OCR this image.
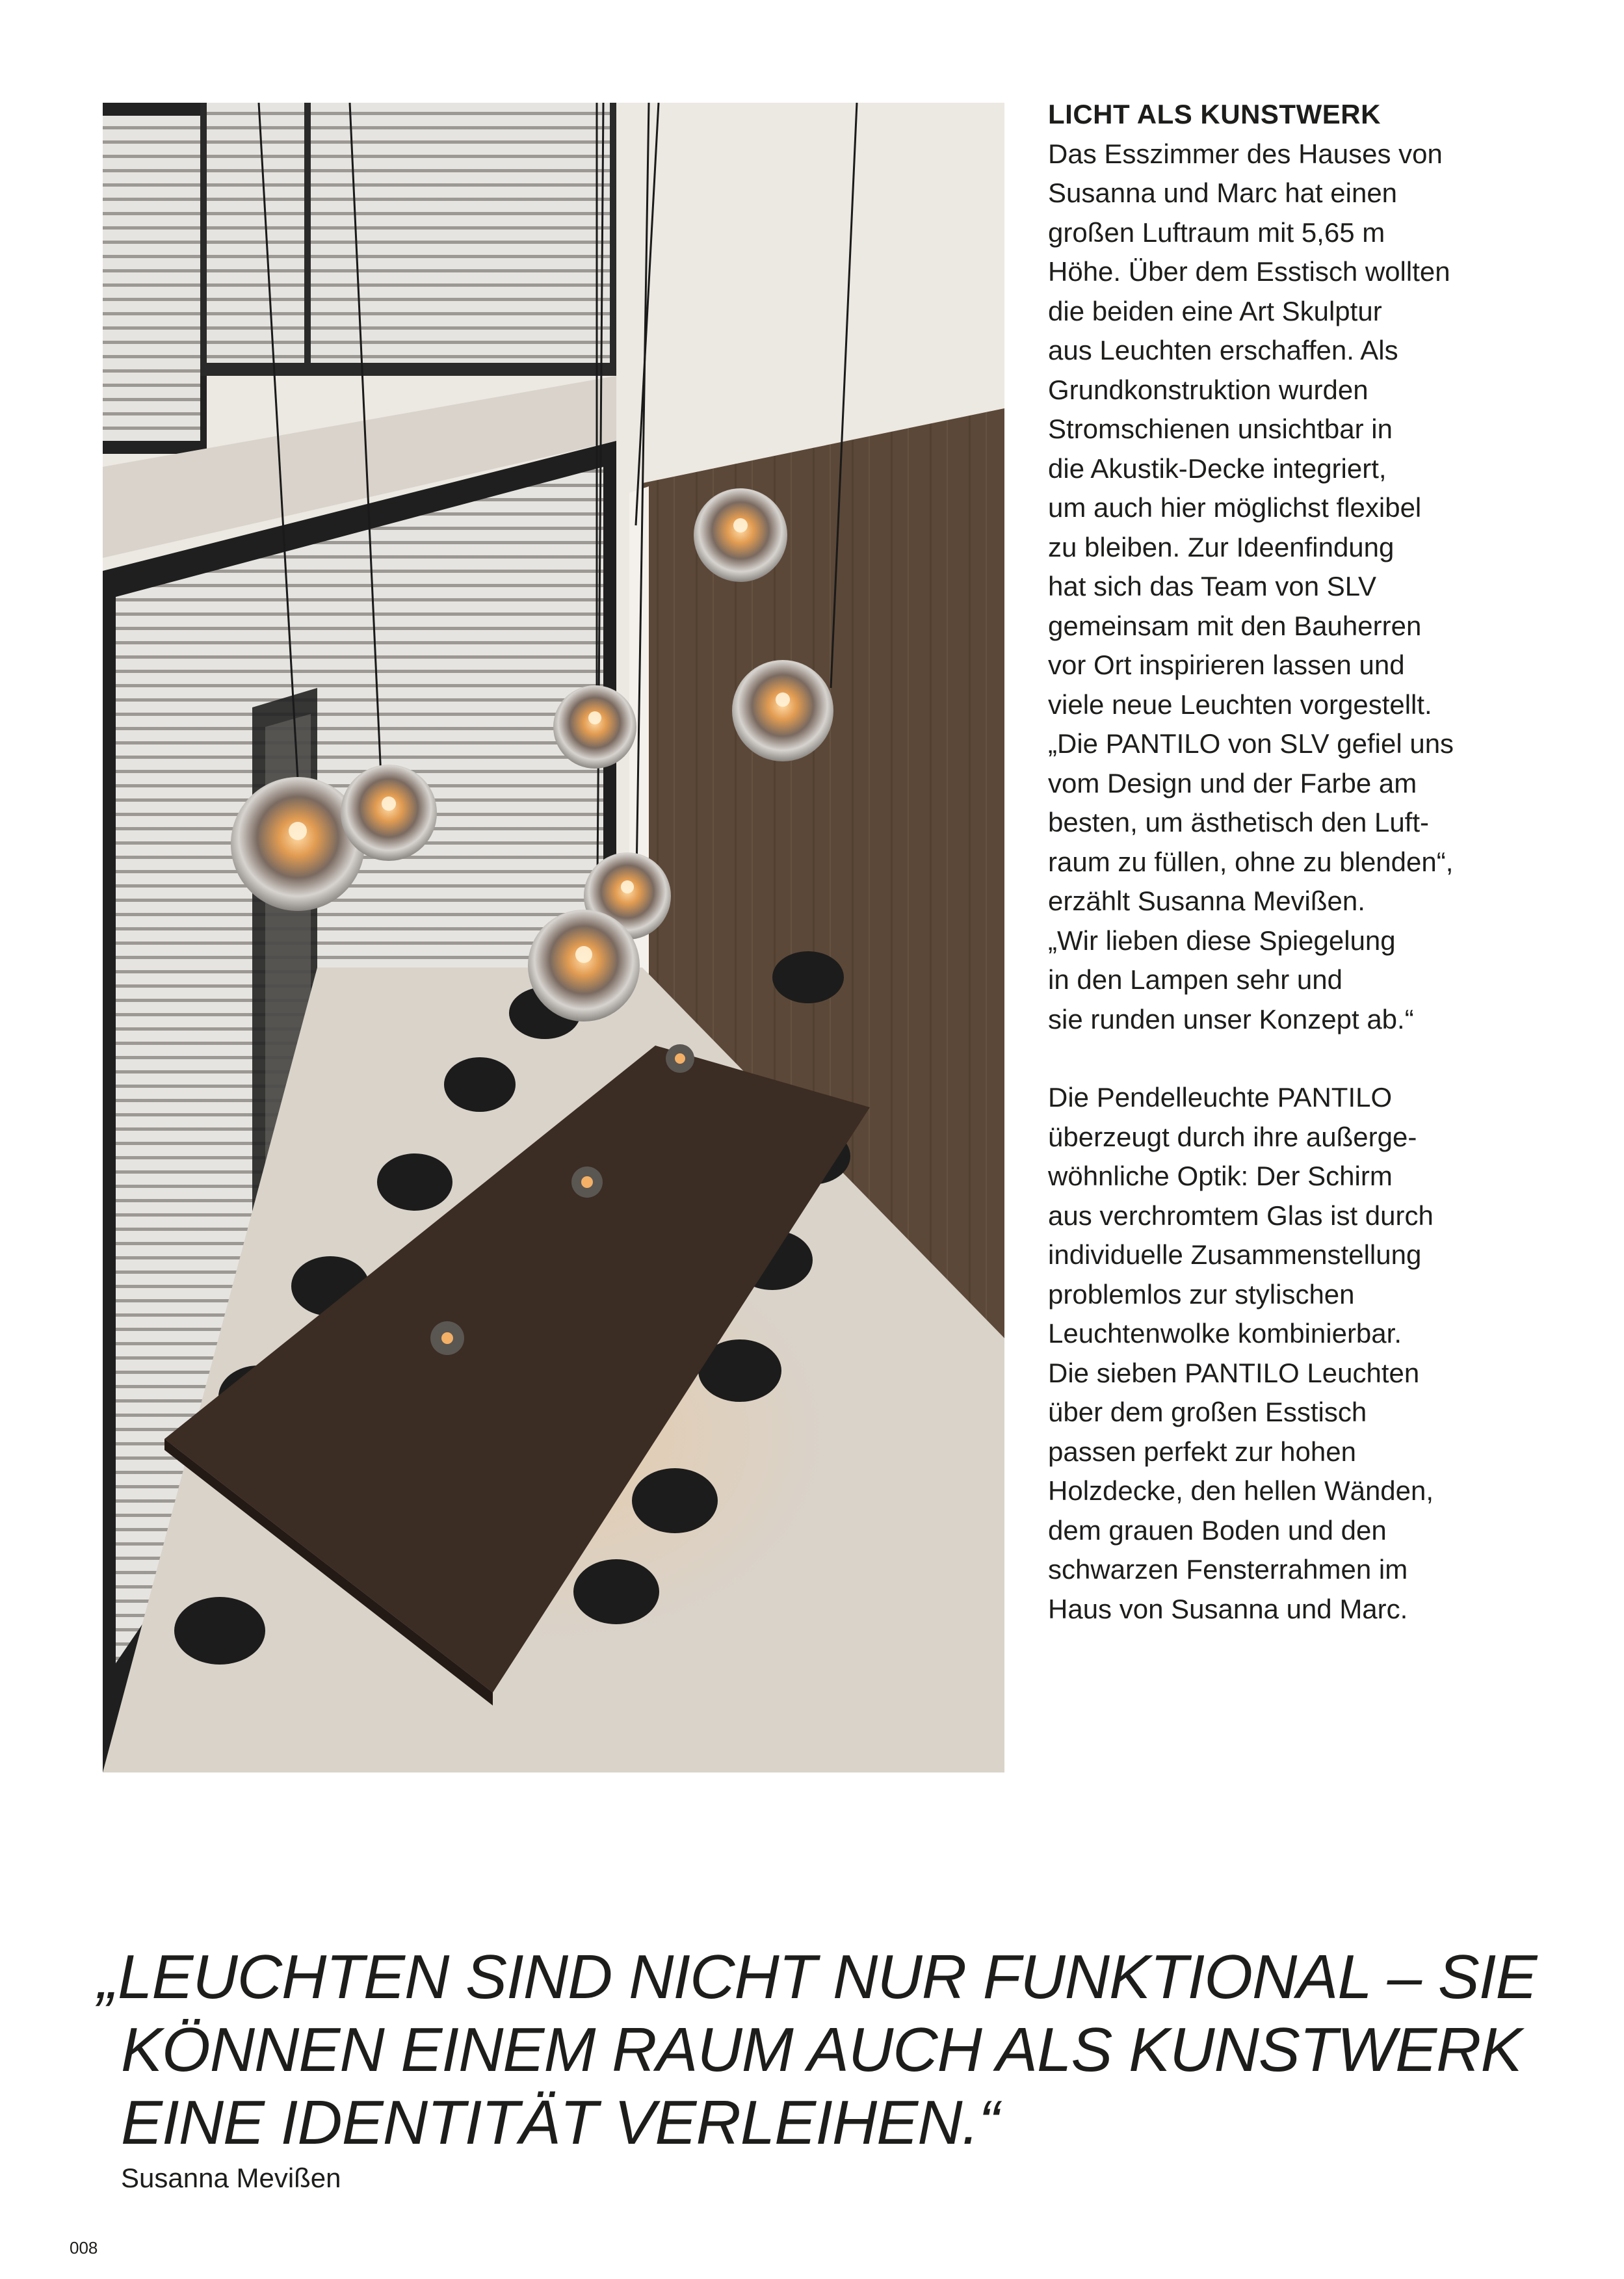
LICHT ALS KUNSTWERK
Das Esszimmer des Hauses von
Susanna und Marc hat einen
großen Luftraum mit 5,65 m
Höhe. Über dem Esstisch wollten
die beiden eine Art Skulptur
aus Leuchten erschaffen. Als
Grundkonstruktion wurden
Stromschienen unsichtbar in
die Akustik-Decke integriert,
um auch hier möglichst flexibel
zu bleiben. Zur Ideenfindung
hat sich das Team von SLV
gemeinsam mit den Bauherren
vor Ort inspirieren lassen und
viele neue Leuchten vorgestellt.
„Die PANTILO von SLV gefiel uns
vom Design und der Farbe am
besten, um ästhetisch den Luft-
raum zu füllen, ohne zu blenden“,
erzählt Susanna Mevißen.
„Wir lieben diese Spiegelung
in den Lampen sehr und
sie runden unser Konzept ab.“
Die Pendelleuchte PANTILO
überzeugt durch ihre außerge-
wöhnliche Optik: Der Schirm
aus verchromtem Glas ist durch
individuelle Zusammenstellung
problemlos zur stylischen
Leuchtenwolke kombinierbar.
Die sieben PANTILO Leuchten
über dem großen Esstisch
passen perfekt zur hohen
Holzdecke, den hellen Wänden,
dem grauen Boden und den
schwarzen Fensterrahmen im
Haus von Susanna und Marc.
„LEUCHTEN SIND NICHT NUR FUNKTIONAL – SIE
KÖNNEN EINEM RAUM AUCH ALS KUNSTWERK
EINE IDENTITÄT VERLEIHEN.“
Susanna Mevißen
008
